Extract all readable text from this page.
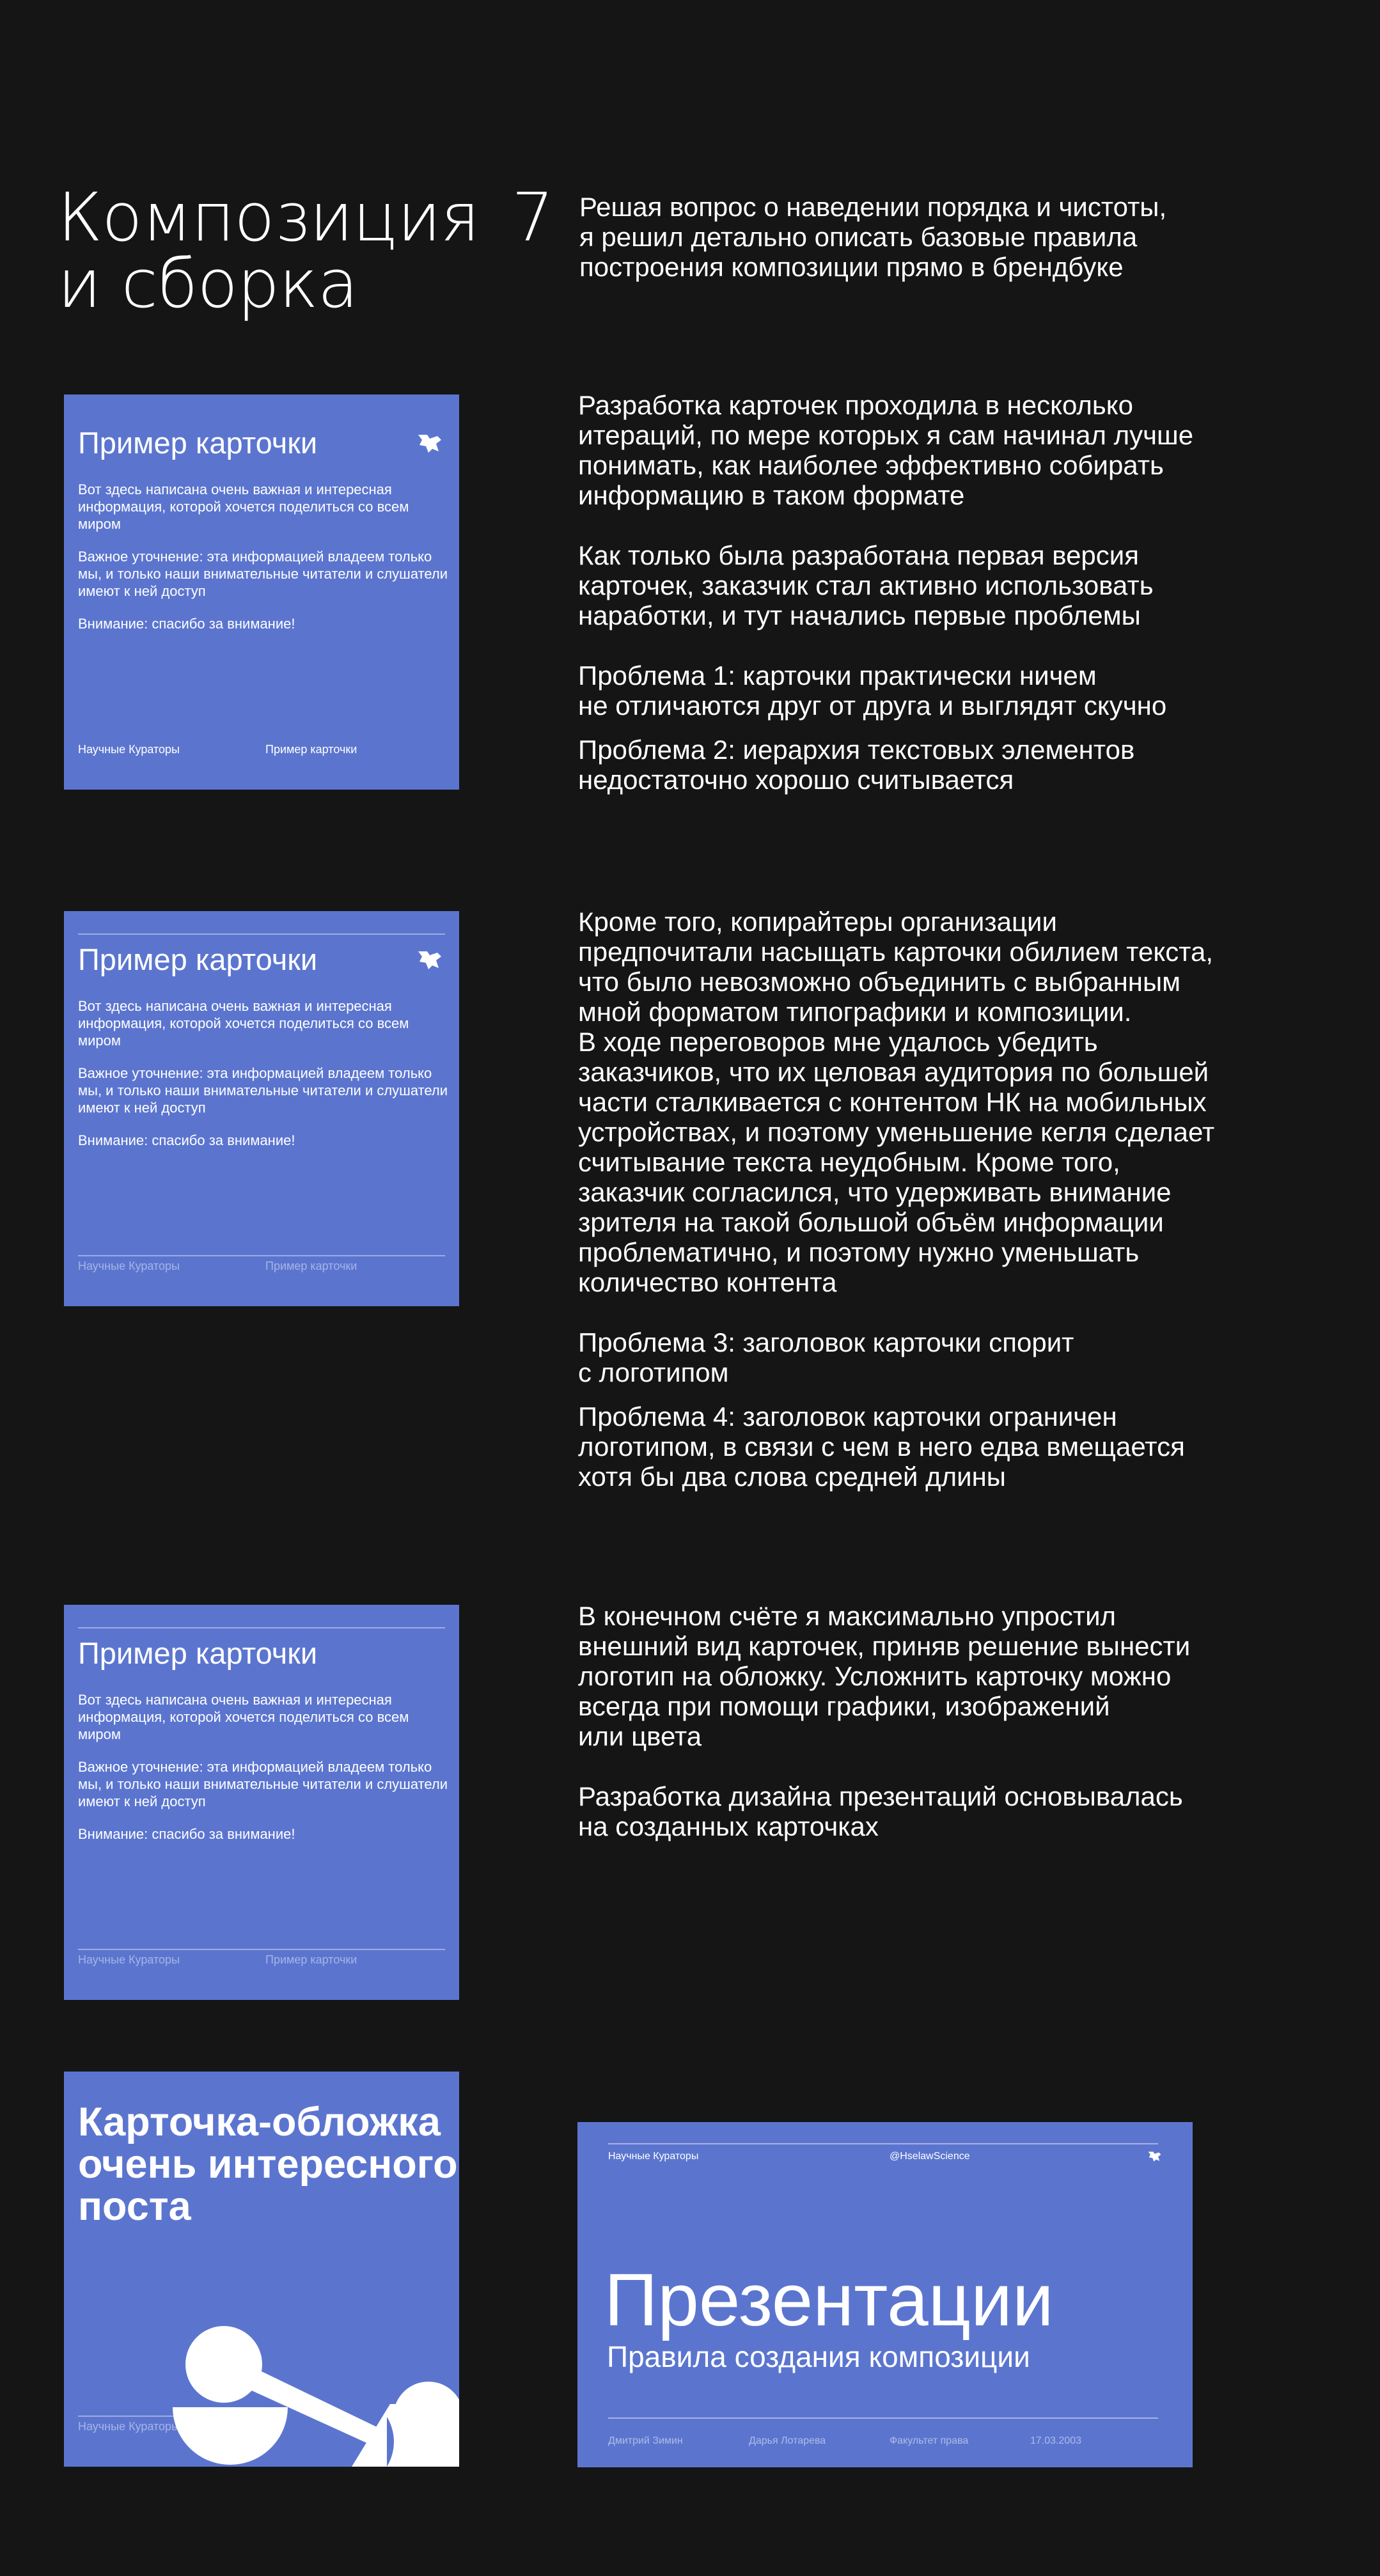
Композиция
и сборка
7 Решая вопрос о наведении порядка и чистоты,
я решил детально описать базовые правила
построения композиции прямо в брендбуке

Пример карточки

Вот здесь написана очень важная и интересная информация, которой хочется поделиться со всем миром

Важное уточнение: эта информацией владеем только мы, и только наши внимательные читатели и слушатели имеют к ней доступ

Внимание: спасибо за внимание!

Научные Кураторы	Пример карточки

Разработка карточек проходила в несколько
итераций, по мере которых я сам начинал лучше
понимать, как наиболее эффективно собирать
информацию в таком формате

Как только была разработана первая версия
карточек, заказчик стал активно использовать
наработки, и тут начались первые проблемы

Проблема 1: карточки практически ничем
не отличаются друг от друга и выглядят скучно

Проблема 2: иерархия текстовых элементов
недостаточно хорошо считывается

Пример карточки

Вот здесь написана очень важная и интересная информация, которой хочется поделиться со всем миром

Важное уточнение: эта информацией владеем только мы, и только наши внимательные читатели и слушатели имеют к ней доступ

Внимание: спасибо за внимание!

Научные Кураторы	Пример карточки

Кроме того, копирайтеры организации
предпочитали насыщать карточки обилием текста,
что было невозможно объединить с выбранным
мной форматом типографики и композиции.
В ходе переговоров мне удалось убедить
заказчиков, что их целовая аудитория по большей
части сталкивается с контентом НК на мобильных
устройствах, и поэтому уменьшение кегля сделает
считывание текста неудобным. Кроме того,
заказчик согласился, что удерживать внимание
зрителя на такой большой объём информации
проблематично, и поэтому нужно уменьшать
количество контента

Проблема 3: заголовок карточки спорит
с логотипом

Проблема 4: заголовок карточки ограничен
логотипом, в связи с чем в него едва вмещается
хотя бы два слова средней длины

Пример карточки

Вот здесь написана очень важная и интересная информация, которой хочется поделиться со всем миром

Важное уточнение: эта информацией владеем только мы, и только наши внимательные читатели и слушатели имеют к ней доступ

Внимание: спасибо за внимание!

Научные Кураторы	Пример карточки

В конечном счёте я максимально упростил
внешний вид карточек, приняв решение вынести
логотип на обложку. Усложнить карточку можно
всегда при помощи графики, изображений
или цвета

Разработка дизайна презентаций основывалась
на созданных карточках

Карточка-обложка очень интересного поста
Научные Кураторы
Научные Кураторы	@HselawScience
Презентации
Правила создания композиции
Дмитрий Зимин	Дарья Лотарева	Факультет права	17.03.2003
